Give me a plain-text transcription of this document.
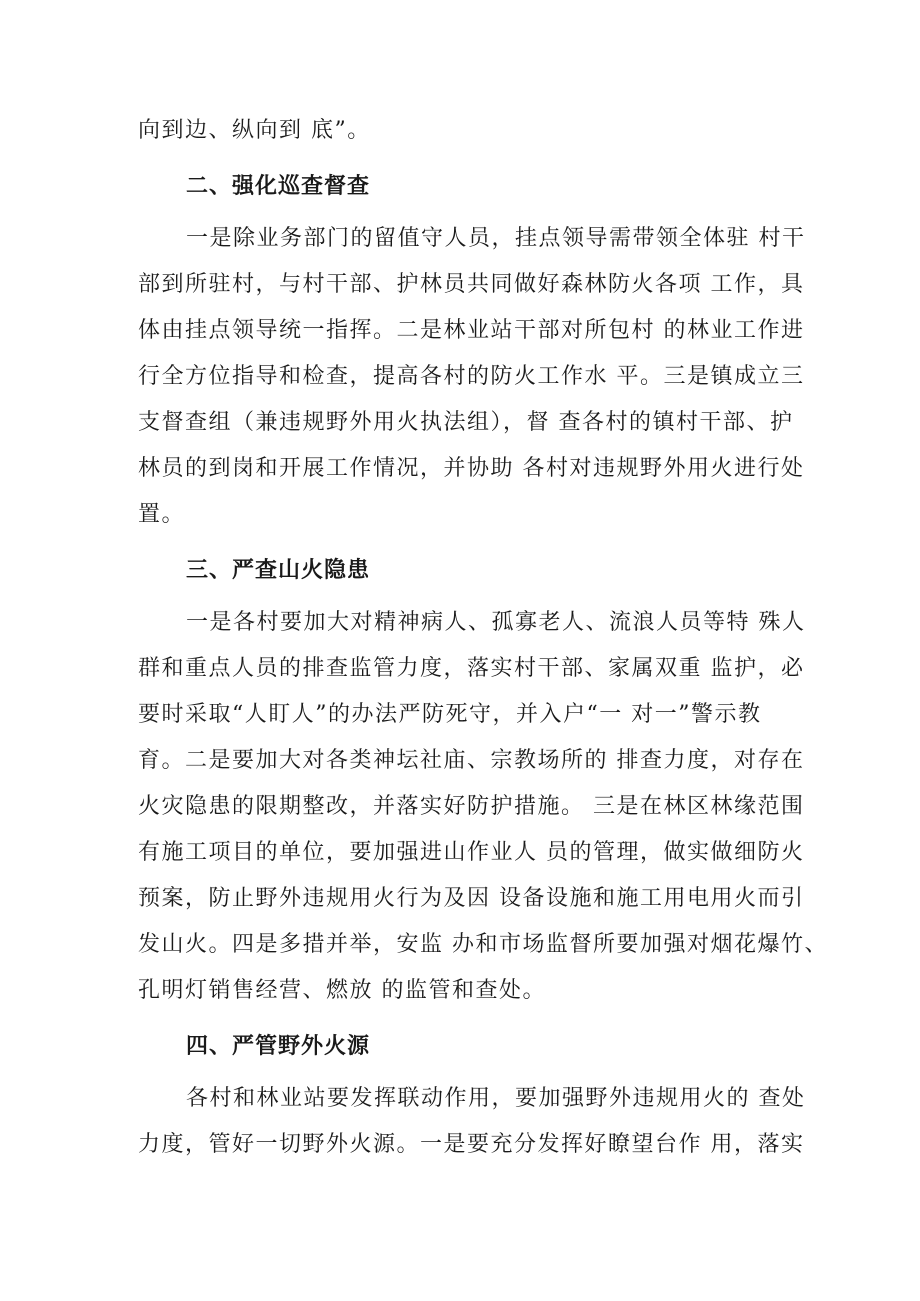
向到边、纵向到 底”。
二、强化巡查督查
一是除业务部门的留值守人员，挂点领导需带领全体驻 村干
部到所驻村，与村干部、护林员共同做好森林防火各项 工作，具
体由挂点领导统一指挥。二是林业站干部对所包村 的林业工作进
行全方位指导和检查，提高各村的防火工作水 平。三是镇成立三
支督查组（兼违规野外用火执法组），督 查各村的镇村干部、护
林员的到岗和开展工作情况，并协助 各村对违规野外用火进行处
置。
三、严查山火隐患
一是各村要加大对精神病人、孤寡老人、流浪人员等特 殊人
群和重点人员的排查监管力度，落实村干部、家属双重 监护，必
要时采取“人盯人”的办法严防死守，并入户“一 对一”警示教
育。二是要加大对各类神坛社庙、宗教场所的 排查力度，对存在
火灾隐患的限期整改，并落实好防护措施。 三是在林区林缘范围
有施工项目的单位，要加强进山作业人 员的管理，做实做细防火
预案，防止野外违规用火行为及因 设备设施和施工用电用火而引
发山火。四是多措并举，安监 办和市场监督所要加强对烟花爆竹、
孔明灯销售经营、燃放 的监管和查处。
四、严管野外火源
各村和林业站要发挥联动作用，要加强野外违规用火的 查处
力度，管好一切野外火源。一是要充分发挥好瞭望台作 用，落实
